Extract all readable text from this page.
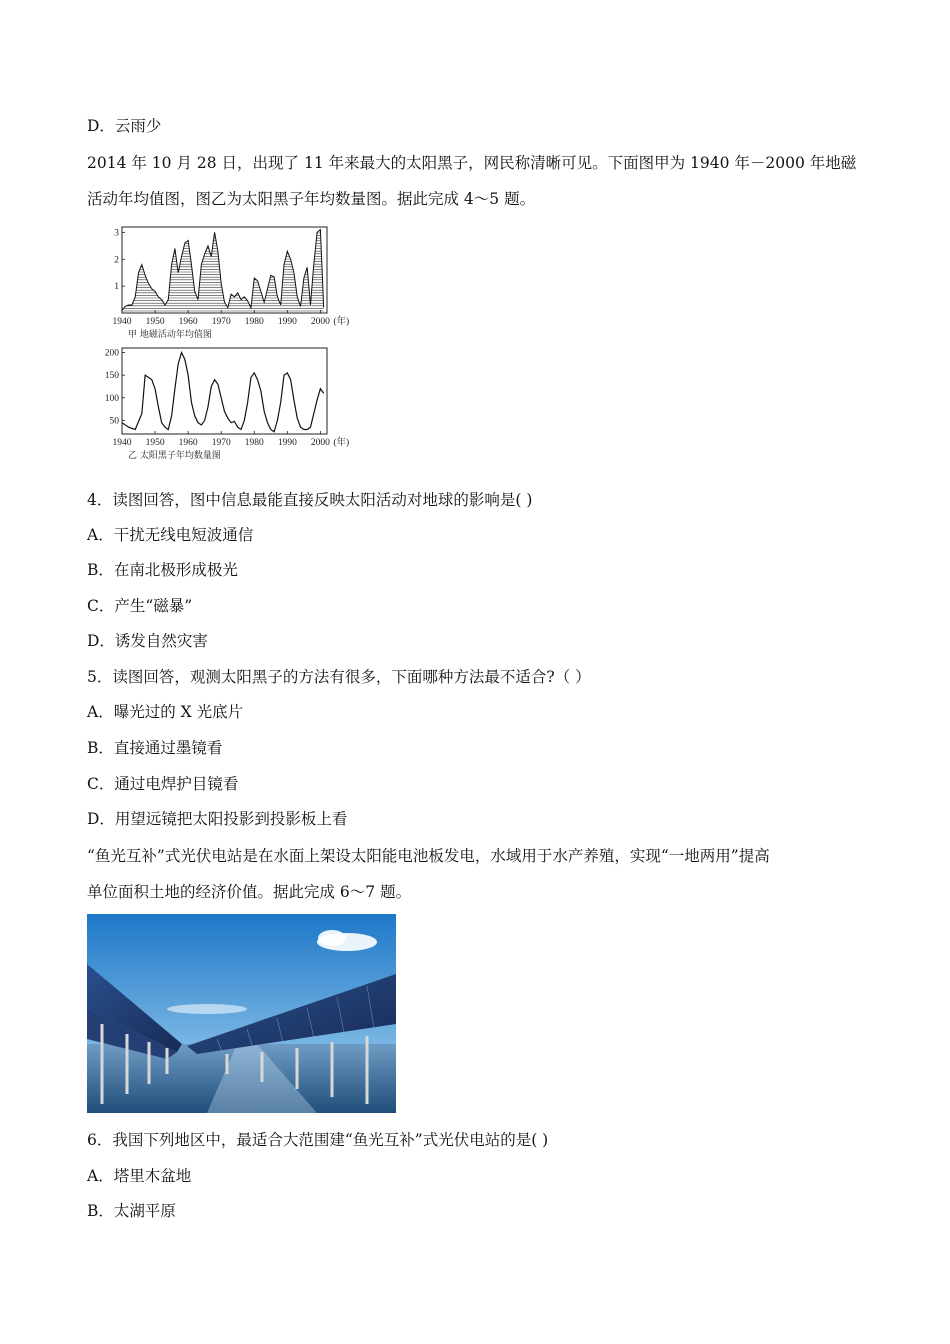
D．云雨少
2014 年 10 月 28 日，出现了 11 年来最大的太阳黑子，网民称清晰可见。下面图甲为 1940 年－2000 年地磁
活动年均值图，图乙为太阳黑子年均数量图。据此完成 4～5 题。
1
2
3
1940 1950 1960 1970 1980 1990 2000 (年)
甲 地磁活动年均值图
50
100
150
200
1940 1950 1960 1970 1980 1990 2000 (年)
乙 太阳黑子年均数量图
4．读图回答，图中信息最能直接反映太阳活动对地球的影响是( )
A．干扰无线电短波通信
B．在南北极形成极光
C．产生“磁暴”
D．诱发自然灾害
5．读图回答，观测太阳黑子的方法有很多，下面哪种方法最不适合?（ ）
A．曝光过的 X 光底片
B．直接通过墨镜看
C．通过电焊护目镜看
D．用望远镜把太阳投影到投影板上看
“鱼光互补”式光伏电站是在水面上架设太阳能电池板发电，水域用于水产养殖，实现“一地两用”提高
单位面积土地的经济价值。据此完成 6～7 题。
6．我国下列地区中，最适合大范围建“鱼光互补”式光伏电站的是( )
A．塔里木盆地
B．太湖平原
